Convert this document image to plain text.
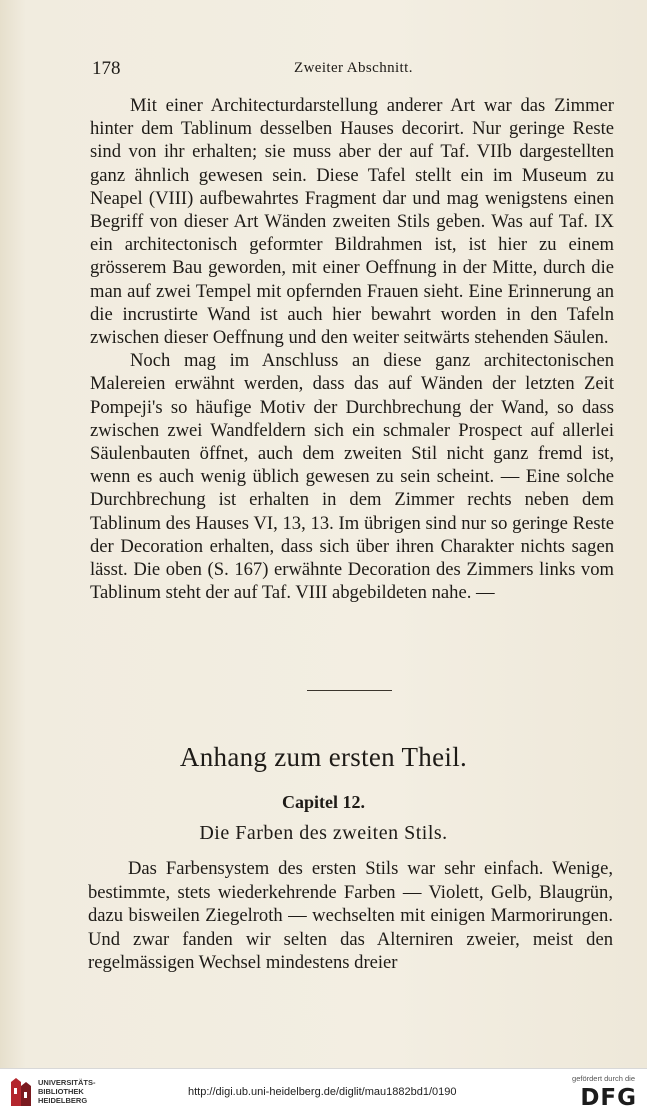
178	Zweiter Abschnitt.

Mit einer Architecturdarstellung anderer Art war das Zimmer hinter dem Tablinum desselben Hauses decorirt. Nur geringe Reste sind von ihr erhalten; sie muss aber der auf Taf. VIIb dargestellten ganz ähnlich gewesen sein. Diese Tafel stellt ein im Museum zu Neapel (VIII) aufbewahrtes Fragment dar und mag wenigstens einen Begriff von dieser Art Wänden zweiten Stils geben. Was auf Taf. IX ein architectonisch geformter Bildrahmen ist, ist hier zu einem grösserem Bau geworden, mit einer Oeffnung in der Mitte, durch die man auf zwei Tempel mit opfernden Frauen sieht. Eine Erinnerung an die incrustirte Wand ist auch hier bewahrt worden in den Tafeln zwischen dieser Oeffnung und den weiter seitwärts stehenden Säulen.

Noch mag im Anschluss an diese ganz architectonischen Malereien erwähnt werden, dass das auf Wänden der letzten Zeit Pompeji's so häufige Motiv der Durchbrechung der Wand, so dass zwischen zwei Wandfeldern sich ein schmaler Prospect auf allerlei Säulenbauten öffnet, auch dem zweiten Stil nicht ganz fremd ist, wenn es auch wenig üblich gewesen zu sein scheint. — Eine solche Durchbrechung ist erhalten in dem Zimmer rechts neben dem Tablinum des Hauses VI, 13, 13. Im übrigen sind nur so geringe Reste der Decoration erhalten, dass sich über ihren Charakter nichts sagen lässt. Die oben (S. 167) erwähnte Decoration des Zimmers links vom Tablinum steht der auf Taf. VIII abgebildeten nahe. —

Anhang zum ersten Theil.
Capitel 12.
Die Farben des zweiten Stils.

Das Farbensystem des ersten Stils war sehr einfach. Wenige, bestimmte, stets wiederkehrende Farben — Violett, Gelb, Blaugrün, dazu bisweilen Ziegelroth — wechselten mit einigen Marmorirungen. Und zwar fanden wir selten das Alterniren zweier, meist den regelmässigen Wechsel mindestens dreier

UNIVERSITÄTS-
BIBLIOTHEK
HEIDELBERG
http://digi.ub.uni-heidelberg.de/diglit/mau1882bd1/0190
gefördert durch die
DFG
